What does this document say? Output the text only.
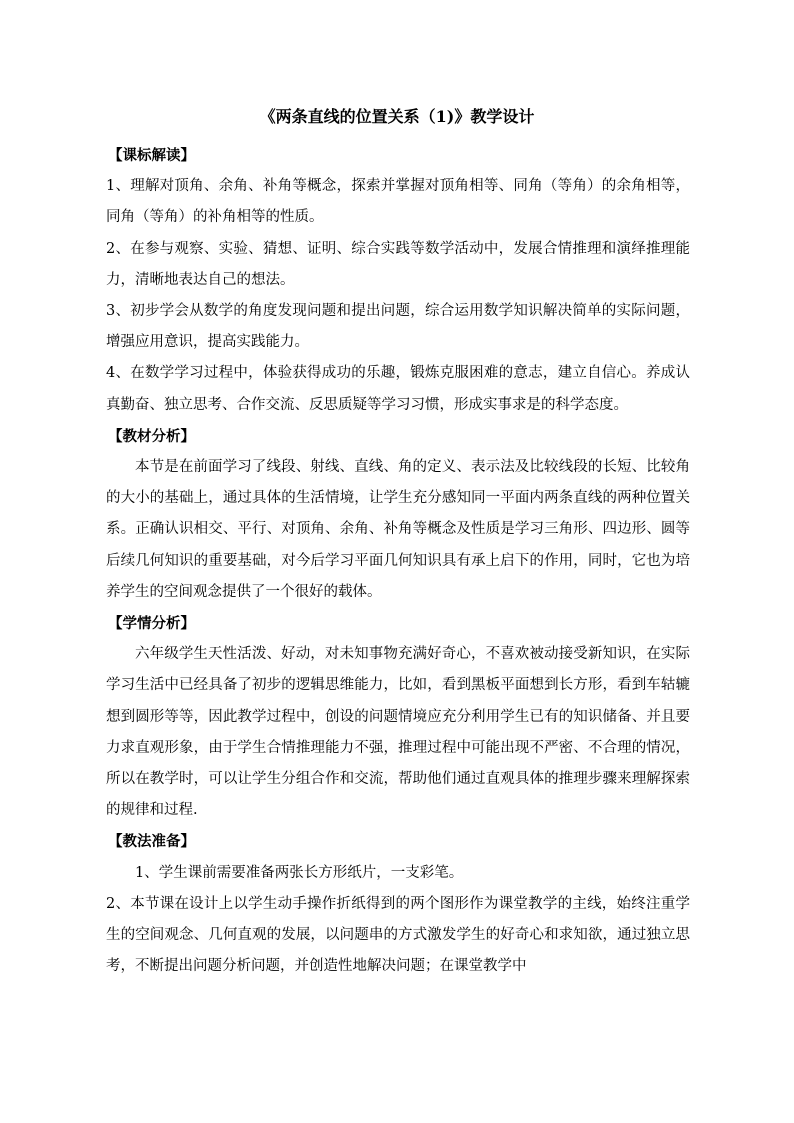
《两条直线的位置关系（1)》教学设计

【课标解读】

1、理解对顶角、余角、补角等概念，探索并掌握对顶角相等、同角（等角）的余角相等，同角（等角）的补角相等的性质。

2、在参与观察、实验、猜想、证明、综合实践等数学活动中，发展合情推理和演绎推理能力，清晰地表达自己的想法。

3、初步学会从数学的角度发现问题和提出问题，综合运用数学知识解决简单的实际问题，增强应用意识，提高实践能力。

4、在数学学习过程中，体验获得成功的乐趣，锻炼克服困难的意志，建立自信心。养成认真勤奋、独立思考、合作交流、反思质疑等学习习惯，形成实事求是的科学态度。

【教材分析】

本节是在前面学习了线段、射线、直线、角的定义、表示法及比较线段的长短、比较角的大小的基础上，通过具体的生活情境，让学生充分感知同一平面内两条直线的两种位置关系。正确认识相交、平行、对顶角、余角、补角等概念及性质是学习三角形、四边形、圆等后续几何知识的重要基础，对今后学习平面几何知识具有承上启下的作用，同时，它也为培养学生的空间观念提供了一个很好的载体。

【学情分析】

六年级学生天性活泼、好动，对未知事物充满好奇心，不喜欢被动接受新知识，在实际学习生活中已经具备了初步的逻辑思维能力，比如，看到黑板平面想到长方形，看到车轱辘想到圆形等等，因此教学过程中，创设的问题情境应充分利用学生已有的知识储备、并且要力求直观形象，由于学生合情推理能力不强，推理过程中可能出现不严密、不合理的情况，所以在教学时，可以让学生分组合作和交流，帮助他们通过直观具体的推理步骤来理解探索的规律和过程.

【教法准备】

1、学生课前需要准备两张长方形纸片，一支彩笔。

2、本节课在设计上以学生动手操作折纸得到的两个图形作为课堂教学的主线，始终注重学生的空间观念、几何直观的发展，以问题串的方式激发学生的好奇心和求知欲，通过独立思考，不断提出问题分析问题，并创造性地解决问题；在课堂教学中
